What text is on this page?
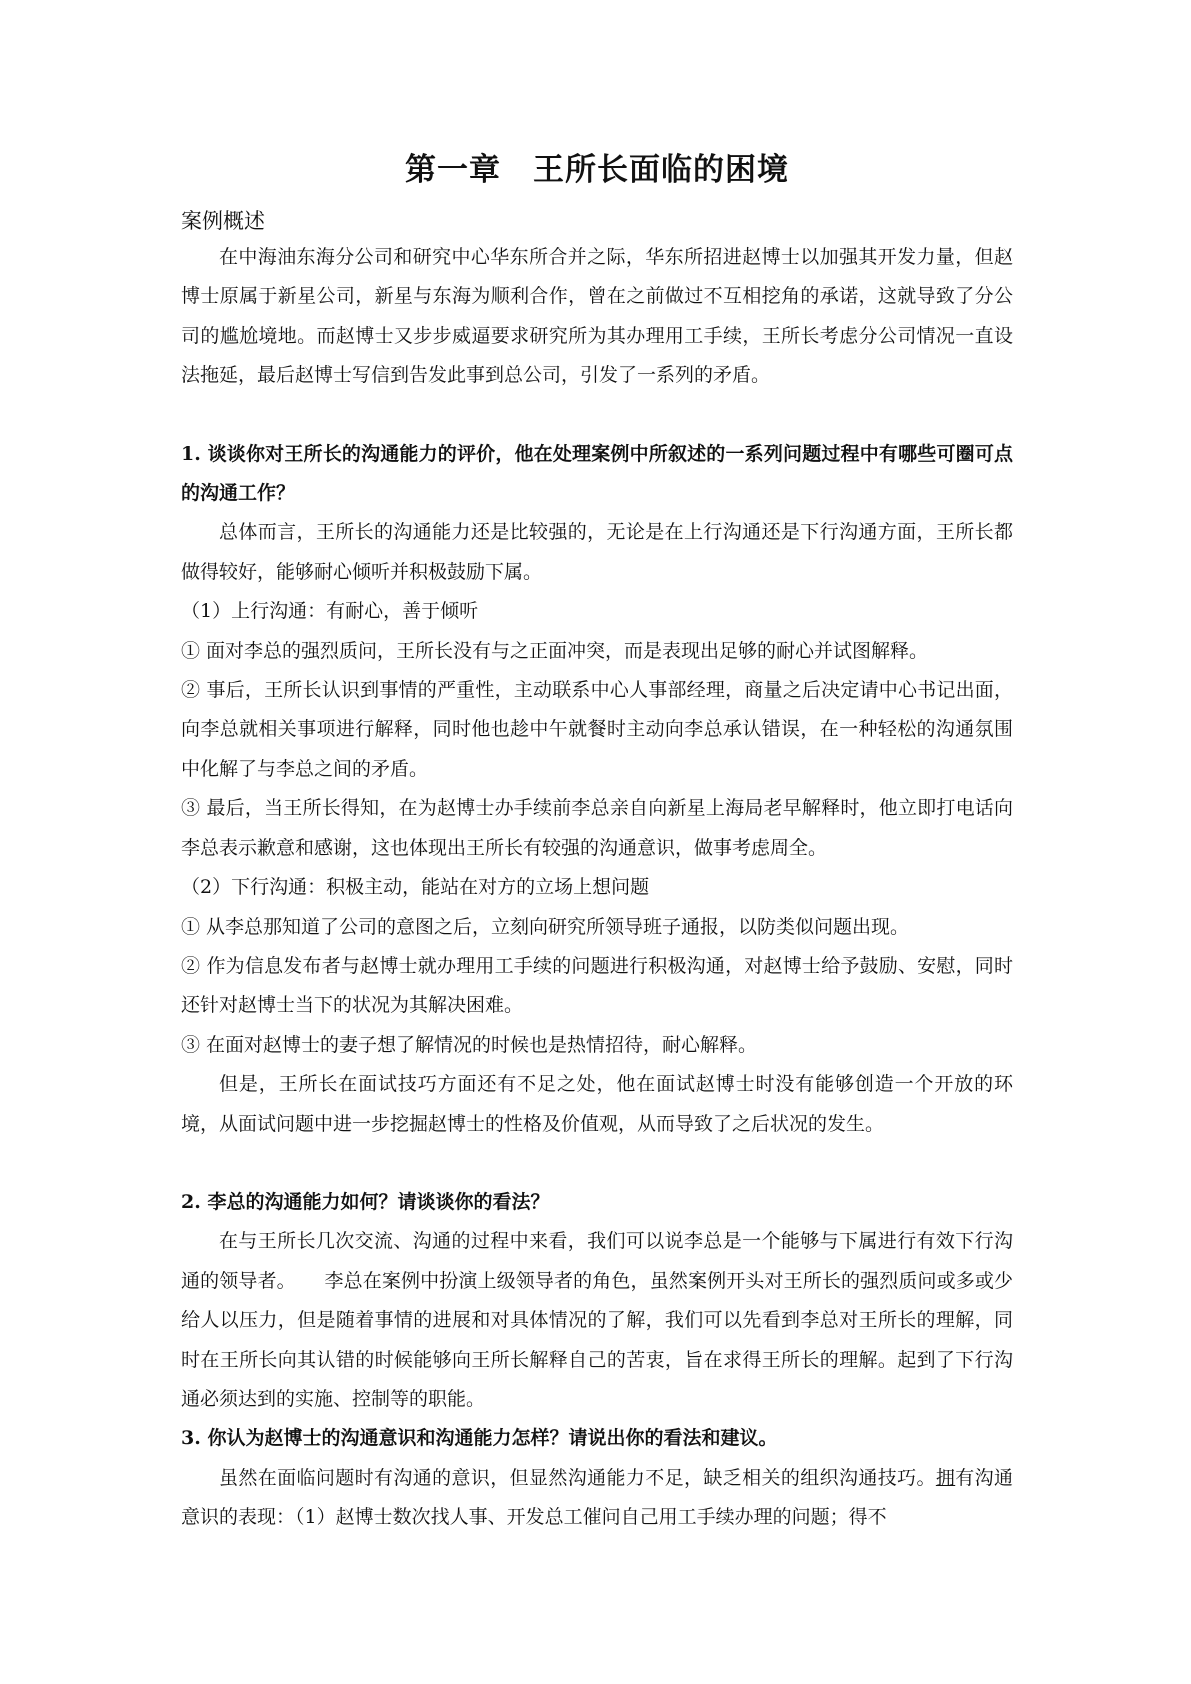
第一章　王所长面临的困境

案例概述

在中海油东海分公司和研究中心华东所合并之际，华东所招进赵博士以加强其开发力量，但赵博士原属于新星公司，新星与东海为顺利合作，曾在之前做过不互相挖角的承诺，这就导致了分公司的尴尬境地。而赵博士又步步威逼要求研究所为其办理用工手续，王所长考虑分公司情况一直设法拖延，最后赵博士写信到告发此事到总公司，引发了一系列的矛盾。

1. 谈谈你对王所长的沟通能力的评价，他在处理案例中所叙述的一系列问题过程中有哪些可圈可点的沟通工作？

总体而言，王所长的沟通能力还是比较强的，无论是在上行沟通还是下行沟通方面，王所长都做得较好，能够耐心倾听并积极鼓励下属。

（1）上行沟通：有耐心，善于倾听

① 面对李总的强烈质问，王所长没有与之正面冲突，而是表现出足够的耐心并试图解释。

② 事后，王所长认识到事情的严重性，主动联系中心人事部经理，商量之后决定请中心书记出面，向李总就相关事项进行解释，同时他也趁中午就餐时主动向李总承认错误，在一种轻松的沟通氛围中化解了与李总之间的矛盾。

③ 最后，当王所长得知，在为赵博士办手续前李总亲自向新星上海局老早解释时，他立即打电话向李总表示歉意和感谢，这也体现出王所长有较强的沟通意识，做事考虑周全。

（2）下行沟通：积极主动，能站在对方的立场上想问题

① 从李总那知道了公司的意图之后，立刻向研究所领导班子通报，以防类似问题出现。

② 作为信息发布者与赵博士就办理用工手续的问题进行积极沟通，对赵博士给予鼓励、安慰，同时还针对赵博士当下的状况为其解决困难。

③ 在面对赵博士的妻子想了解情况的时候也是热情招待，耐心解释。

但是，王所长在面试技巧方面还有不足之处，他在面试赵博士时没有能够创造一个开放的环境，从面试问题中进一步挖掘赵博士的性格及价值观，从而导致了之后状况的发生。

2. 李总的沟通能力如何？请谈谈你的看法？

在与王所长几次交流、沟通的过程中来看，我们可以说李总是一个能够与下属进行有效下行沟通的领导者。　　李总在案例中扮演上级领导者的角色，虽然案例开头对王所长的强烈质问或多或少给人以压力，但是随着事情的进展和对具体情况的了解，我们可以先看到李总对王所长的理解，同时在王所长向其认错的时候能够向王所长解释自己的苦衷，旨在求得王所长的理解。起到了下行沟通必须达到的实施、控制等的职能。

3. 你认为赵博士的沟通意识和沟通能力怎样？请说出你的看法和建议。

虽然在面临问题时有沟通的意识，但显然沟通能力不足，缺乏相关的组织沟通技巧。拥有沟通意识的表现：（1）赵博士数次找人事、开发总工催问自己用工手续办理的问题；得不
